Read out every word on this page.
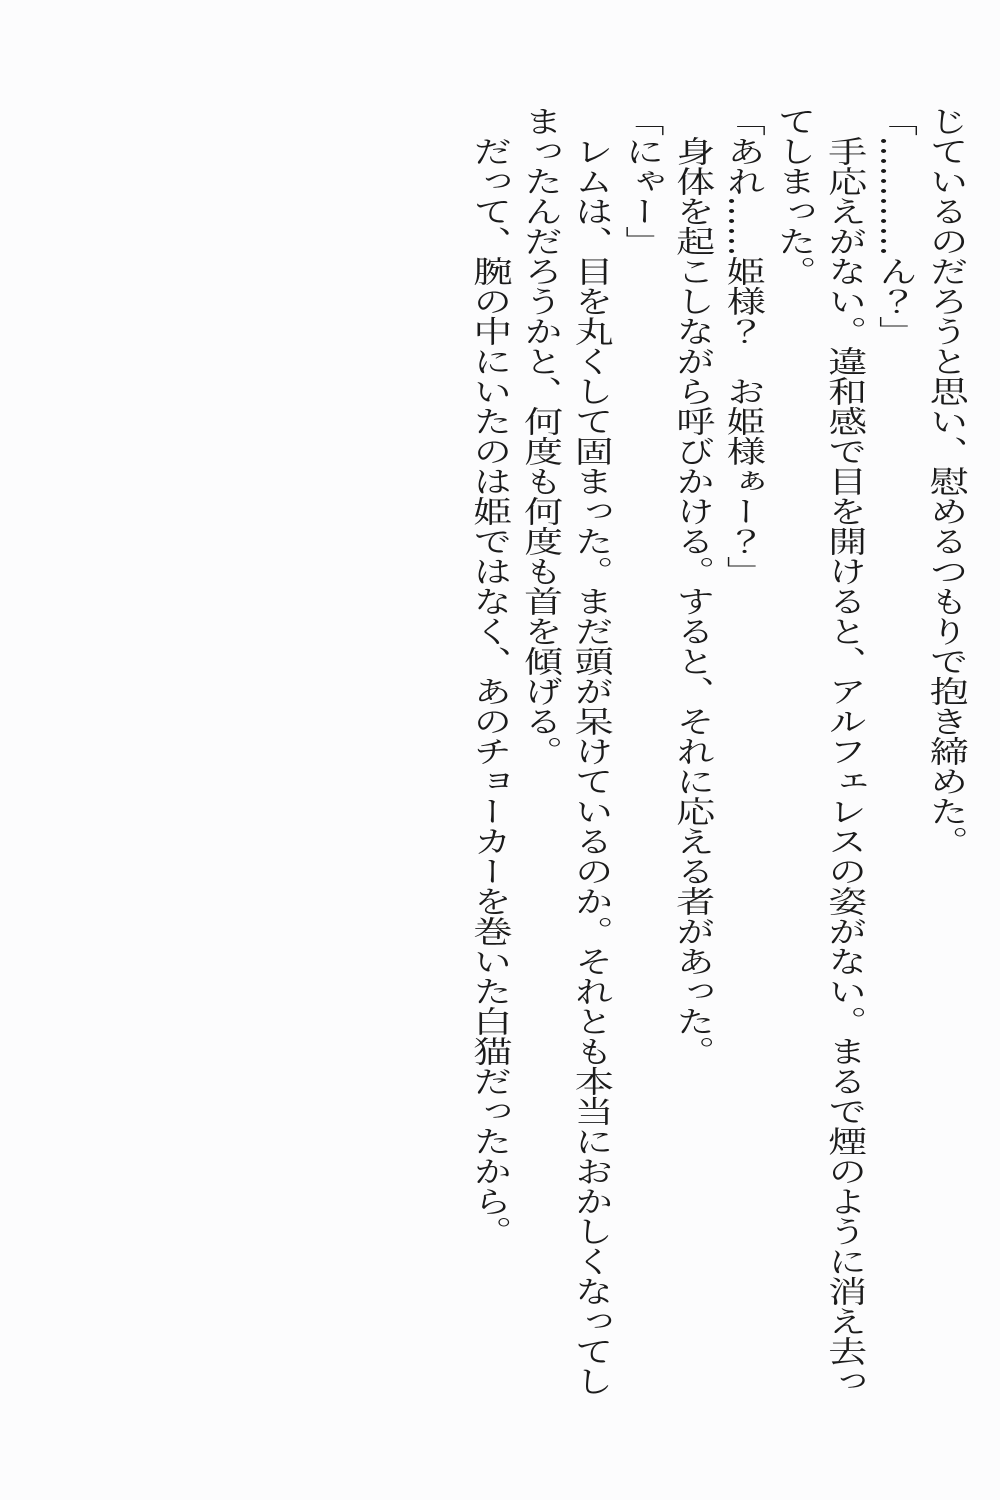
じているのだろうと思い、慰めるつもりで抱き締めた。

「…………ん？」

手応えがない。違和感で目を開けると、アルフェレスの姿がない。まるで煙のように消え去ってしまった。

「あれ……姫様？　お姫様ぁー？」

身体を起こしながら呼びかける。すると、それに応える者があった。

「にゃー」

レムは、目を丸くして固まった。まだ頭が呆けているのか。それとも本当におかしくなってしまったんだろうかと、何度も何度も首を傾げる。

だって、腕の中にいたのは姫ではなく、あのチョーカーを巻いた白猫だったから。
